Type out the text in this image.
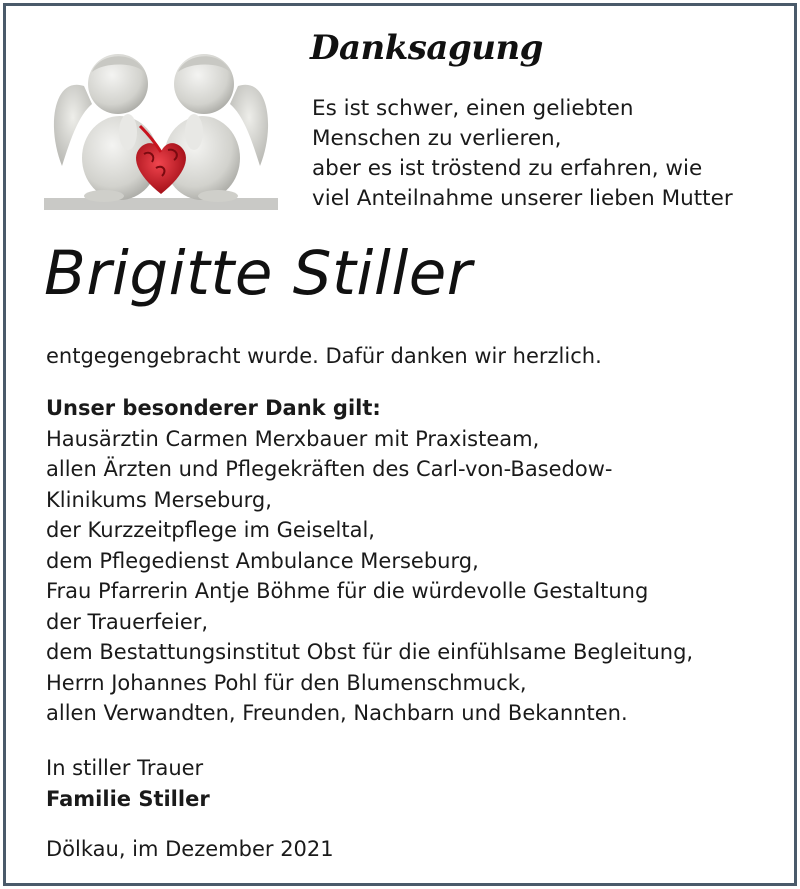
Danksagung
Es ist schwer, einen geliebten
Menschen zu verlieren,
aber es ist tröstend zu erfahren, wie
viel Anteilnahme unserer lieben Mutter
Brigitte Stiller
entgegengebracht wurde. Dafür danken wir herzlich.
Unser besonderer Dank gilt:
Hausärztin Carmen Merxbauer mit Praxisteam,
allen Ärzten und Pflegekräften des Carl-von-Basedow-
Klinikums Merseburg,
der Kurzzeitpflege im Geiseltal,
dem Pflegedienst Ambulance Merseburg,
Frau Pfarrerin Antje Böhme für die würdevolle Gestaltung
der Trauerfeier,
dem Bestattungsinstitut Obst für die einfühlsame Begleitung,
Herrn Johannes Pohl für den Blumenschmuck,
allen Verwandten, Freunden, Nachbarn und Bekannten.
In stiller Trauer
Familie Stiller
Dölkau, im Dezember 2021
